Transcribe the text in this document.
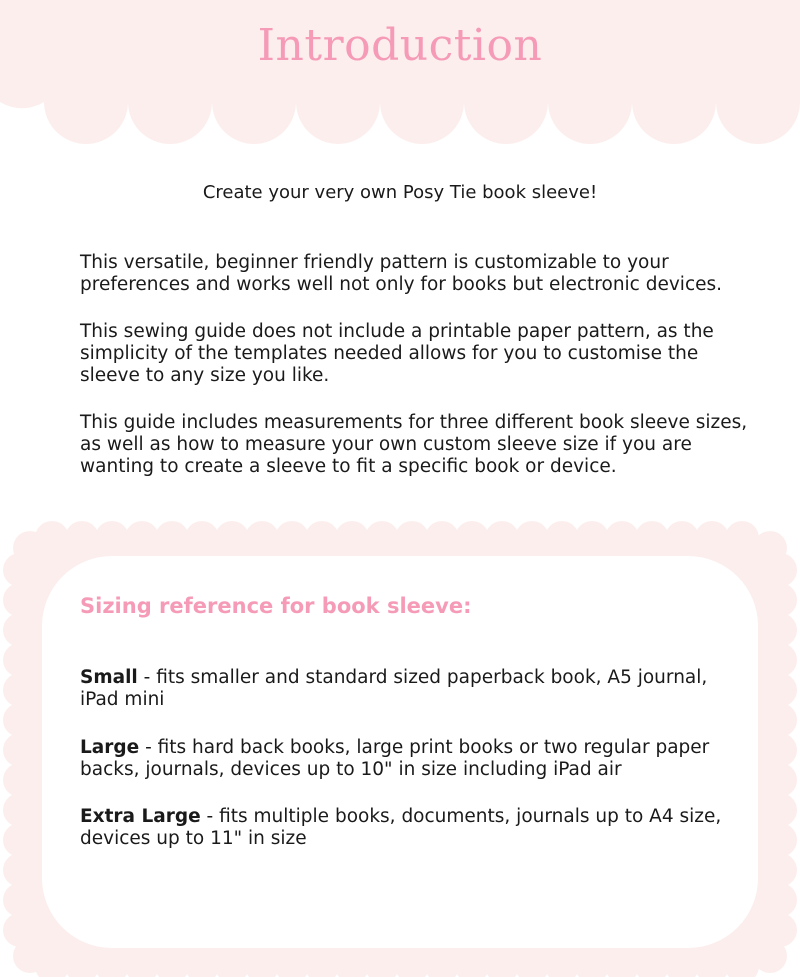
Introduction

Create your very own Posy Tie book sleeve!

This versatile, beginner friendly pattern is customizable to your preferences and works well not only for books but electronic devices.

This sewing guide does not include a printable paper pattern, as the simplicity of the templates needed allows for you to customise the sleeve to any size you like.

This guide includes measurements for three different book sleeve sizes, as well as how to measure your own custom sleeve size if you are wanting to create a sleeve to fit a specific book or device.

Sizing reference for book sleeve:

Small - fits smaller and standard sized paperback book, A5 journal, iPad mini

Large - fits hard back books, large print books or two regular paper backs, journals, devices up to 10" in size including iPad air

Extra Large - fits multiple books, documents, journals up to A4 size, devices up to 11" in size
